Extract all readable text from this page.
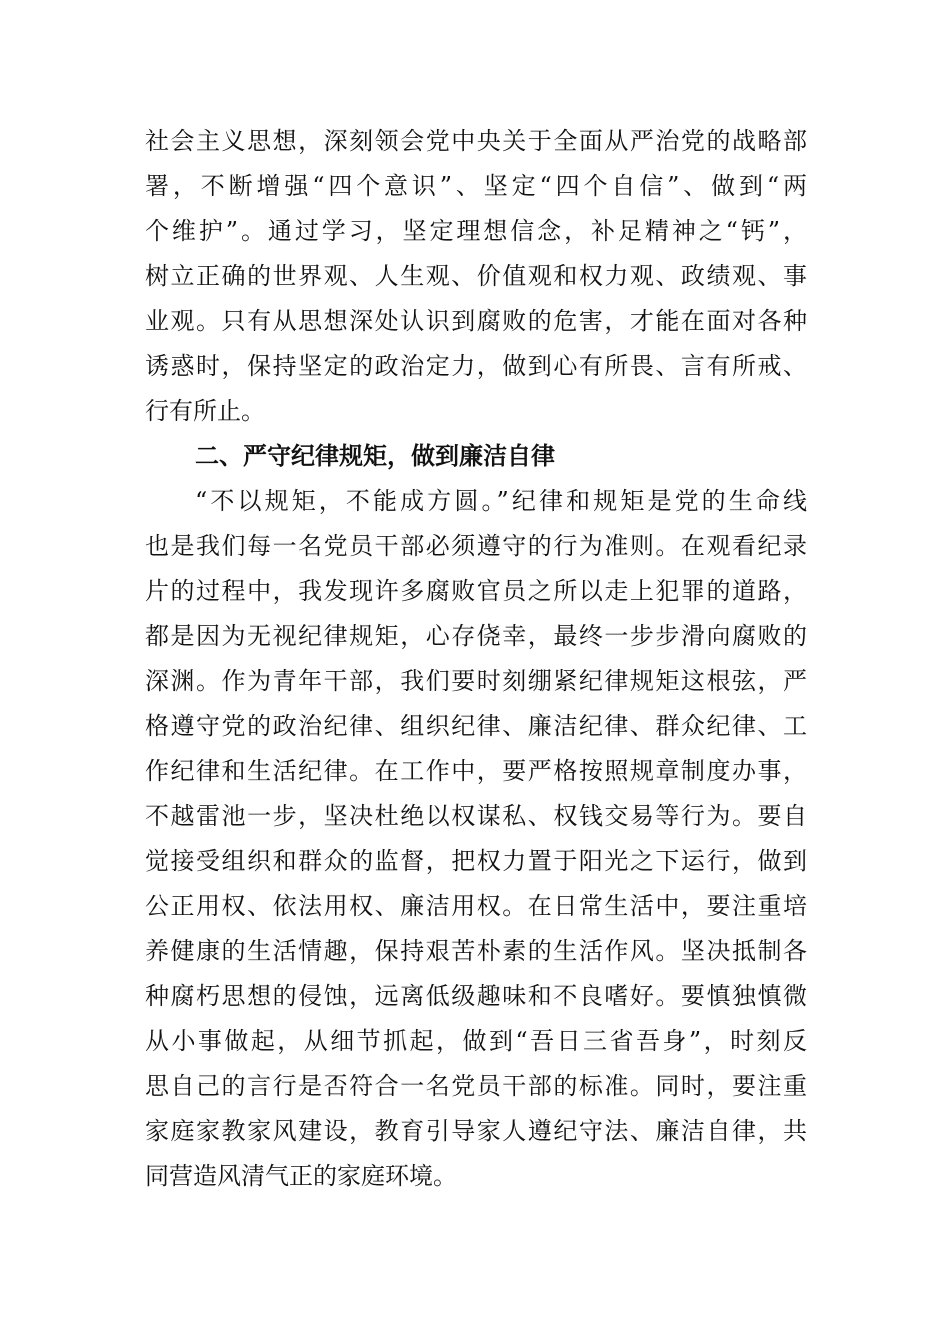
社会主义思想，深刻领会党中央关于全面从严治党的战略部
署，不断增强“四个意识”、坚定“四个自信”、做到“两
个维护”。通过学习，坚定理想信念，补足精神之“钙”，
树立正确的世界观、人生观、价值观和权力观、政绩观、事
业观。只有从思想深处认识到腐败的危害，才能在面对各种
诱惑时，保持坚定的政治定力，做到心有所畏、言有所戒、
行有所止。
二、严守纪律规矩，做到廉洁自律
“不以规矩，不能成方圆。”纪律和规矩是党的生命线
也是我们每一名党员干部必须遵守的行为准则。在观看纪录
片的过程中，我发现许多腐败官员之所以走上犯罪的道路，
都是因为无视纪律规矩，心存侥幸，最终一步步滑向腐败的
深渊。作为青年干部，我们要时刻绷紧纪律规矩这根弦，严
格遵守党的政治纪律、组织纪律、廉洁纪律、群众纪律、工
作纪律和生活纪律。在工作中，要严格按照规章制度办事，
不越雷池一步，坚决杜绝以权谋私、权钱交易等行为。要自
觉接受组织和群众的监督，把权力置于阳光之下运行，做到
公正用权、依法用权、廉洁用权。在日常生活中，要注重培
养健康的生活情趣，保持艰苦朴素的生活作风。坚决抵制各
种腐朽思想的侵蚀，远离低级趣味和不良嗜好。要慎独慎微
从小事做起，从细节抓起，做到“吾日三省吾身”，时刻反
思自己的言行是否符合一名党员干部的标准。同时，要注重
家庭家教家风建设，教育引导家人遵纪守法、廉洁自律，共
同营造风清气正的家庭环境。
